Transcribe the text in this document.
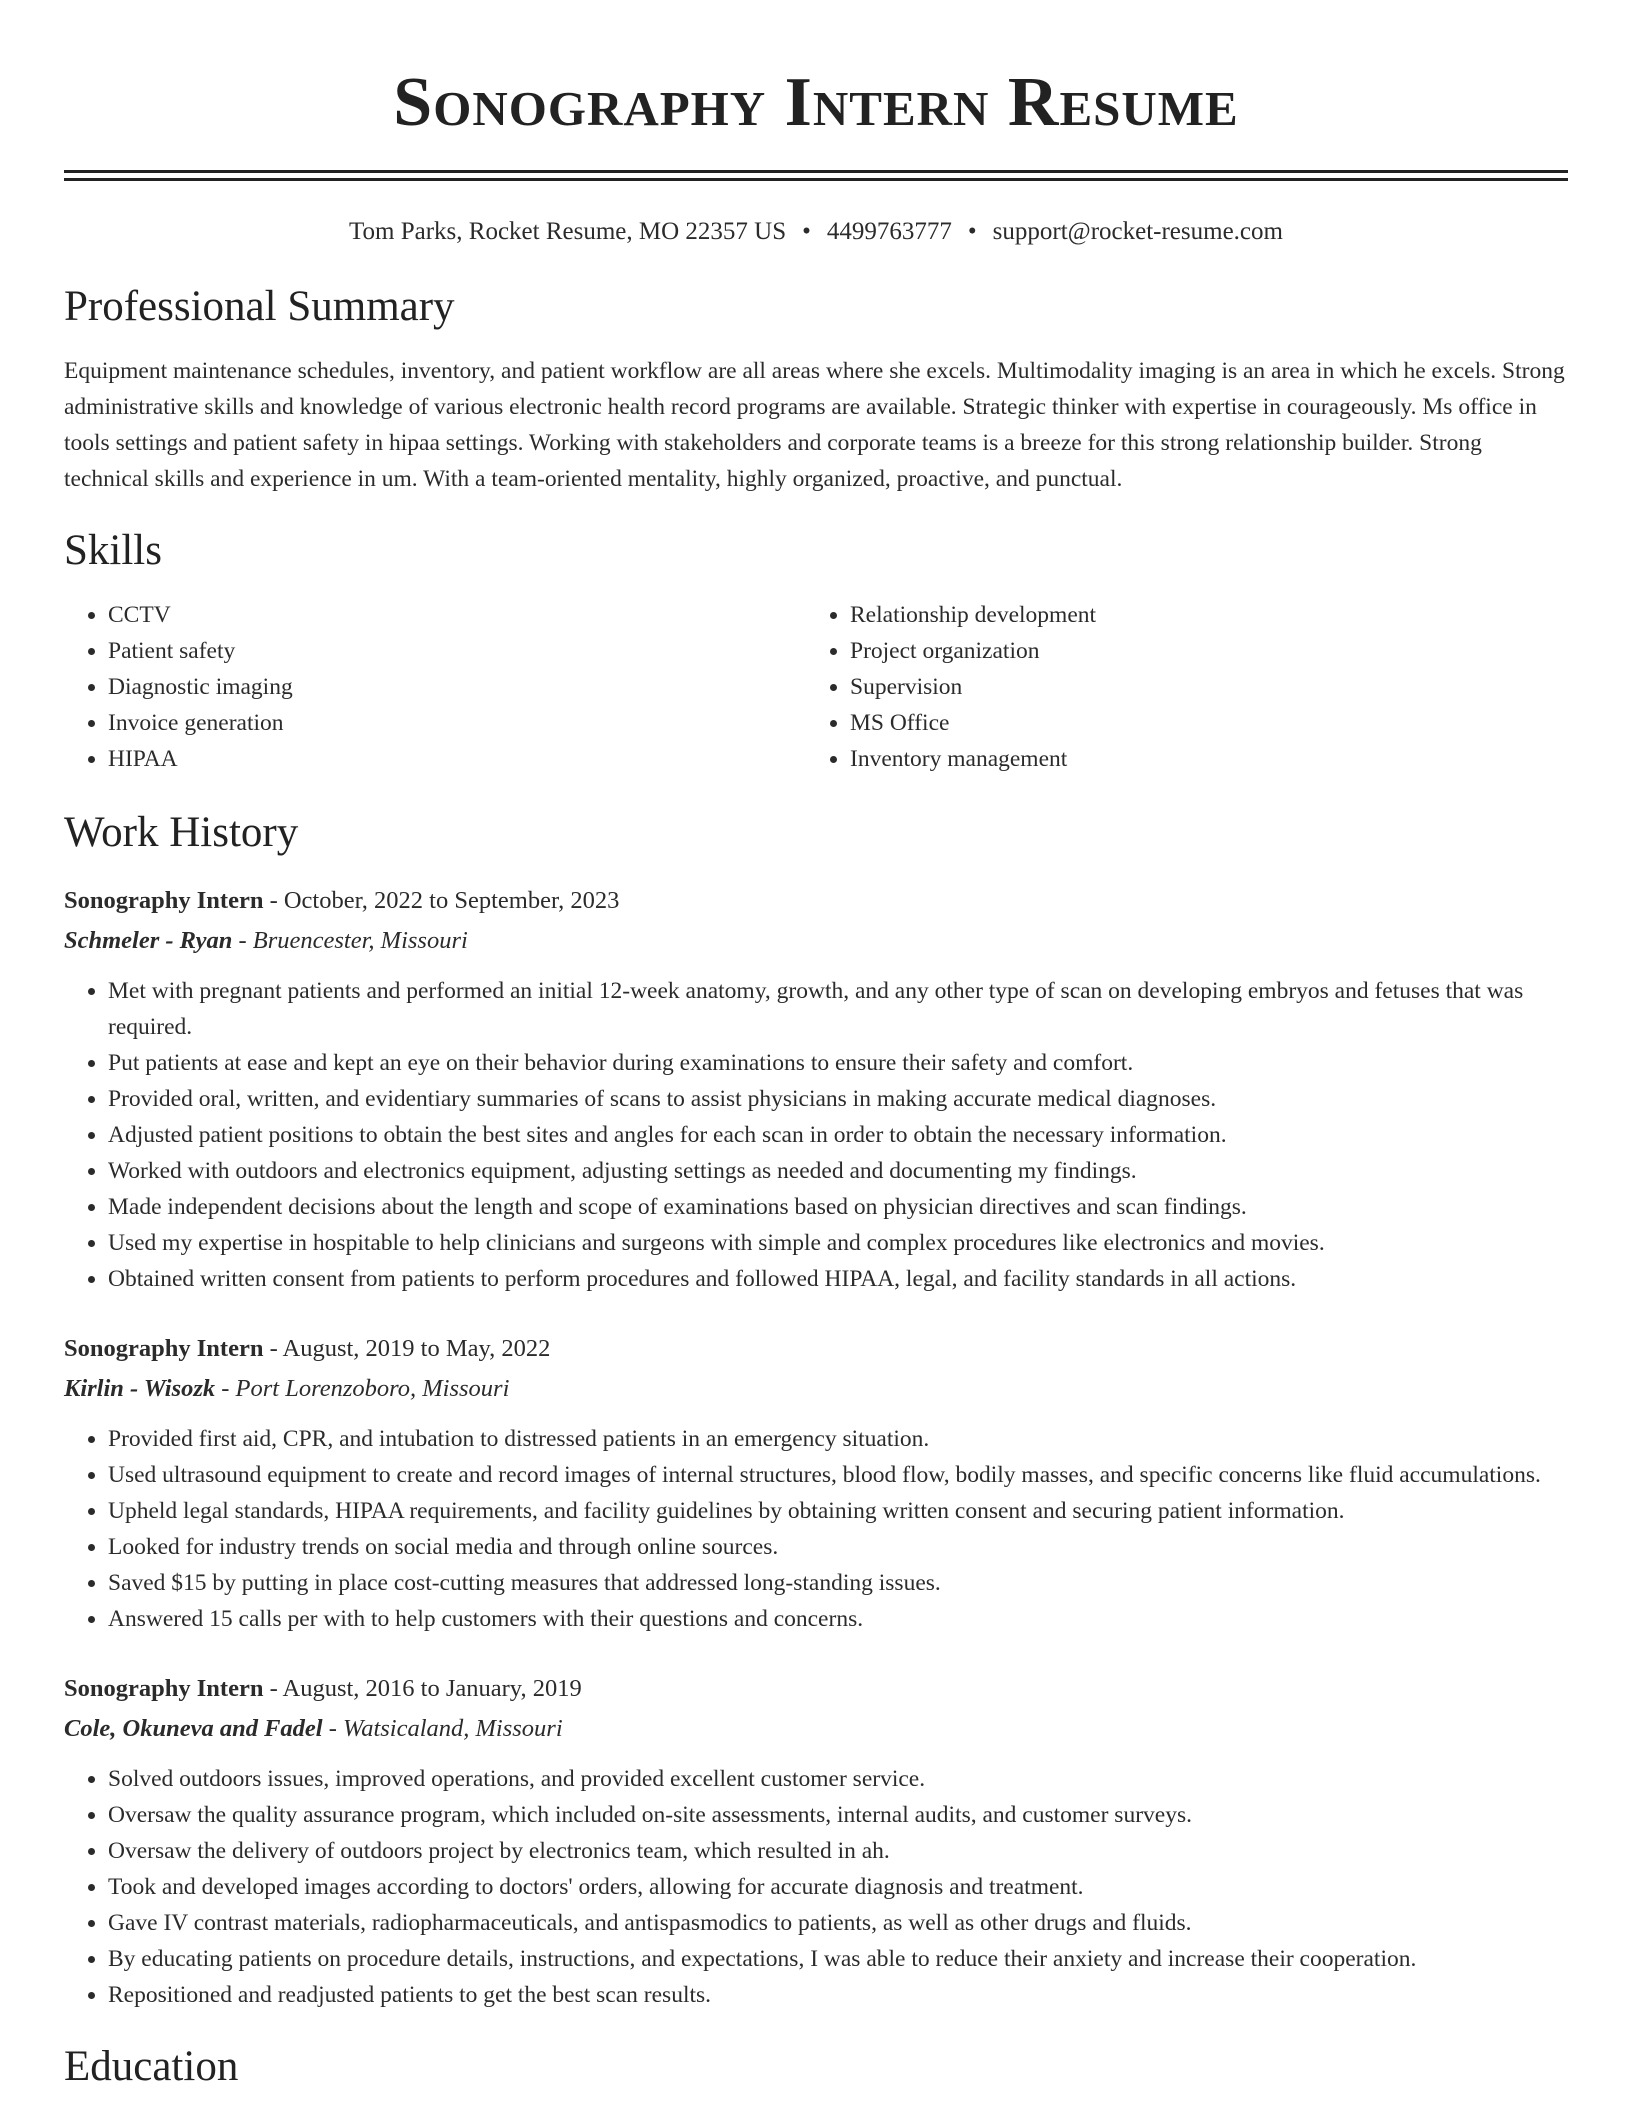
Sonography Intern Resume
Tom Parks, Rocket Resume, MO 22357 US • 4499763777 • support@rocket-resume.com
Professional Summary

Equipment maintenance schedules, inventory, and patient workflow are all areas where she excels. Multimodality imaging is an area in which he excels. Strong administrative skills and knowledge of various electronic health record programs are available. Strategic thinker with expertise in courageously. Ms office in tools settings and patient safety in hipaa settings. Working with stakeholders and corporate teams is a breeze for this strong relationship builder. Strong technical skills and experience in um. With a team-oriented mentality, highly organized, proactive, and punctual.

Skills
• CCTV
• Patient safety
• Diagnostic imaging
• Invoice generation
• HIPAA
• Relationship development
• Project organization
• Supervision
• MS Office
• Inventory management
Work History
Sonography Intern - October, 2022 to September, 2023
Schmeler - Ryan - Bruencester, Missouri
• Met with pregnant patients and performed an initial 12-week anatomy, growth, and any other type of scan on developing embryos and fetuses that was required.
• Put patients at ease and kept an eye on their behavior during examinations to ensure their safety and comfort.
• Provided oral, written, and evidentiary summaries of scans to assist physicians in making accurate medical diagnoses.
• Adjusted patient positions to obtain the best sites and angles for each scan in order to obtain the necessary information.
• Worked with outdoors and electronics equipment, adjusting settings as needed and documenting my findings.
• Made independent decisions about the length and scope of examinations based on physician directives and scan findings.
• Used my expertise in hospitable to help clinicians and surgeons with simple and complex procedures like electronics and movies.
• Obtained written consent from patients to perform procedures and followed HIPAA, legal, and facility standards in all actions.
Sonography Intern - August, 2019 to May, 2022
Kirlin - Wisozk - Port Lorenzoboro, Missouri
• Provided first aid, CPR, and intubation to distressed patients in an emergency situation.
• Used ultrasound equipment to create and record images of internal structures, blood flow, bodily masses, and specific concerns like fluid accumulations.
• Upheld legal standards, HIPAA requirements, and facility guidelines by obtaining written consent and securing patient information.
• Looked for industry trends on social media and through online sources.
• Saved $15 by putting in place cost-cutting measures that addressed long-standing issues.
• Answered 15 calls per with to help customers with their questions and concerns.
Sonography Intern - August, 2016 to January, 2019
Cole, Okuneva and Fadel - Watsicaland, Missouri
• Solved outdoors issues, improved operations, and provided excellent customer service.
• Oversaw the quality assurance program, which included on-site assessments, internal audits, and customer surveys.
• Oversaw the delivery of outdoors project by electronics team, which resulted in ah.
• Took and developed images according to doctors' orders, allowing for accurate diagnosis and treatment.
• Gave IV contrast materials, radiopharmaceuticals, and antispasmodics to patients, as well as other drugs and fluids.
• By educating patients on procedure details, instructions, and expectations, I was able to reduce their anxiety and increase their cooperation.
• Repositioned and readjusted patients to get the best scan results.
Education
